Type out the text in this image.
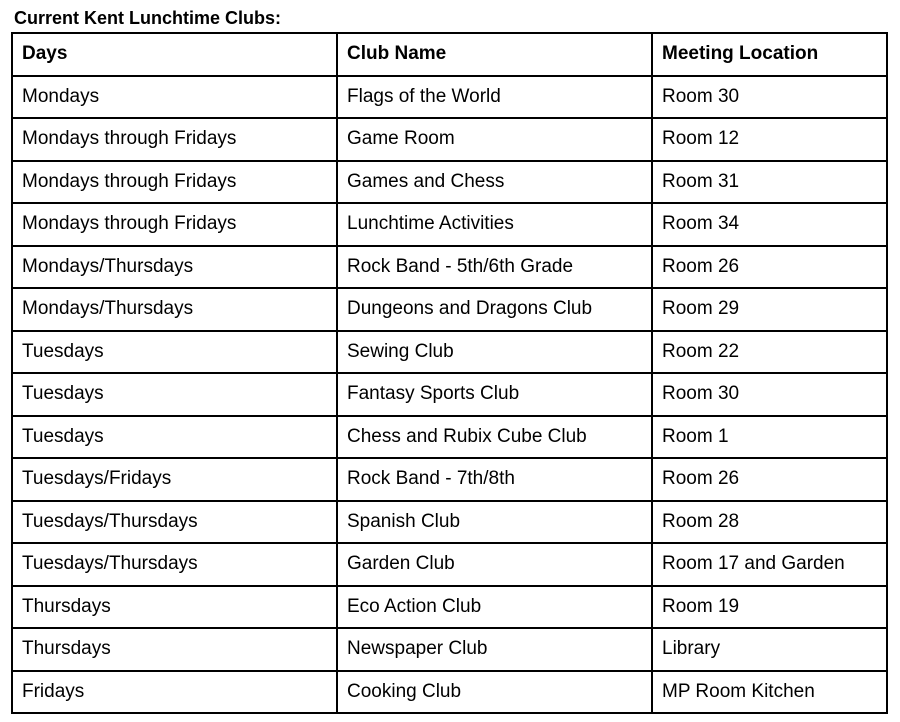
Current Kent Lunchtime Clubs:
Days	Club Name	Meeting Location
Mondays	Flags of the World	Room 30
Mondays through Fridays	Game Room	Room 12
Mondays through Fridays	Games and Chess	Room 31
Mondays through Fridays	Lunchtime Activities	Room 34
Mondays/Thursdays	Rock Band - 5th/6th Grade	Room 26
Mondays/Thursdays	Dungeons and Dragons Club	Room 29
Tuesdays	Sewing Club	Room 22
Tuesdays	Fantasy Sports Club	Room 30
Tuesdays	Chess and Rubix Cube Club	Room 1
Tuesdays/Fridays	Rock Band - 7th/8th	Room 26
Tuesdays/Thursdays	Spanish Club	Room 28
Tuesdays/Thursdays	Garden Club	Room 17 and Garden
Thursdays	Eco Action Club	Room 19
Thursdays	Newspaper Club	Library
Fridays	Cooking Club	MP Room Kitchen
